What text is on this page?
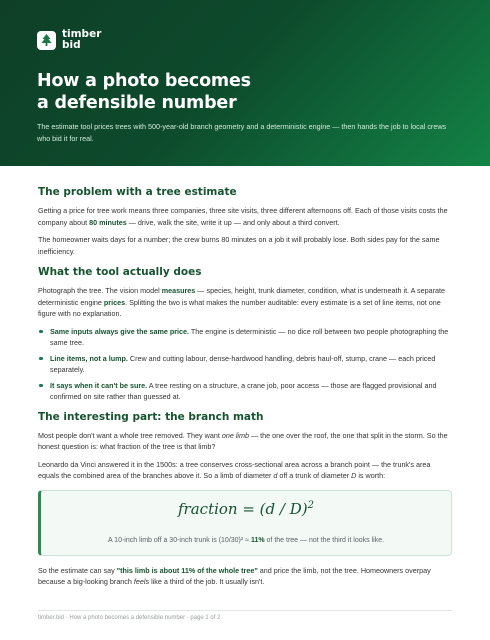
timber
bid
How a photo becomes
a defensible number

The estimate tool prices trees with 500-year-old branch geometry and a deterministic engine — then hands the job to local crews who bid it for real.

The problem with a tree estimate

Getting a price for tree work means three companies, three site visits, three different afternoons off. Each of those visits costs the company about 80 minutes — drive, walk the site, write it up — and only about a third convert.

The homeowner waits days for a number; the crew burns 80 minutes on a job it will probably lose. Both sides pay for the same inefficiency.

What the tool actually does

Photograph the tree. The vision model measures — species, height, trunk diameter, condition, what is underneath it. A separate deterministic engine prices. Splitting the two is what makes the number auditable: every estimate is a set of line items, not one figure with no explanation.

Same inputs always give the same price. The engine is deterministic — no dice roll between two people photographing the same tree.
Line items, not a lump. Crew and cutting labour, dense-hardwood handling, debris haul-off, stump, crane — each priced separately.
It says when it can't be sure. A tree resting on a structure, a crane job, poor access — those are flagged provisional and confirmed on site rather than guessed at.
The interesting part: the branch math

Most people don't want a whole tree removed. They want one limb — the one over the roof, the one that split in the storm. So the honest question is: what fraction of the tree is that limb?

Leonardo da Vinci answered it in the 1500s: a tree conserves cross-sectional area across a branch point — the trunk's area equals the combined area of the branches above it. So a limb of diameter d off a trunk of diameter D is worth:

fraction = (d / D)$^2$
A 10-inch limb off a 30-inch trunk is (10/30)² ≈ 11% of the tree — not the third it looks like.

So the estimate can say "this limb is about 11% of the whole tree" and price the limb, not the tree. Homeowners overpay because a big-looking branch feels like a third of the job. It usually isn't.

timber.bid · How a photo becomes a defensible number · page 1 of 2
